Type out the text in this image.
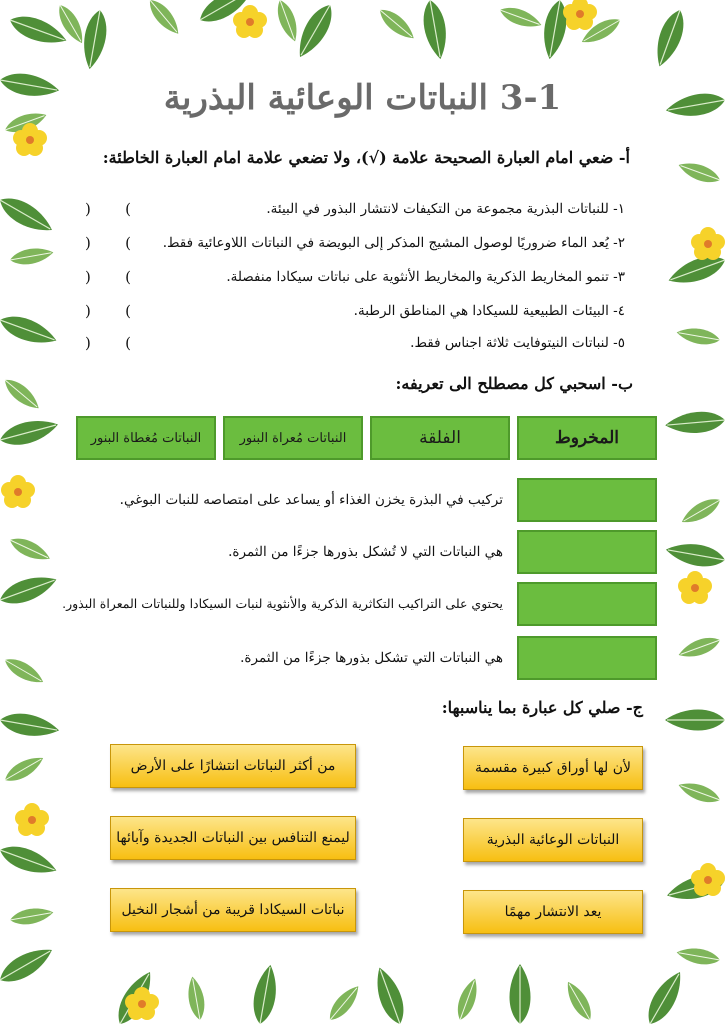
3-1 النباتات الوعائية البذرية
أ- ضعي امام العبارة الصحيحة علامة (√)، ولا تضعي علامة امام العبارة الخاطئة:
١- للنباتات البذرية مجموعة من التكيفات لانتشار البذور في البيئة.
( )
٢- يُعد الماء ضروريًا لوصول المشيج المذكر إلى البويضة في النباتات اللاوعائية فقط.
( )
٣- تنمو المخاريط الذكرية والمخاريط الأنثوية على نباتات سيكادا منفصلة.
( )
٤- البيئات الطبيعية للسيكادا هي المناطق الرطبة.
( )
٥- لنباتات النيتوفايت ثلاثة اجناس فقط.
( )
ب- اسحبي كل مصطلح الى تعريفه:
المخروط
الفلقة
النباتات مُعراة البنور
النباتات مُغطاة البنور
تركيب في البذرة يخزن الغذاء أو يساعد على امتصاصه للنبات البوغي.
هي النباتات التي لا تُشكل بذورها جزءًا من الثمرة.
يحتوي على التراكيب التكاثرية الذكرية والأنثوية لنبات السيكادا وللنباتات المعراة البذور.
هي النباتات التي تشكل بذورها جزءًا من الثمرة.
ج- صلي كل عبارة بما يناسبها:
لأن لها أوراق كبيرة مقسمة
النباتات الوعائية البذرية
يعد الانتشار مهمًا
من أكثر النباتات انتشارًا على الأرض
ليمنع التنافس بين النباتات الجديدة وآبائها
نباتات السيكادا قريبة من أشجار النخيل
